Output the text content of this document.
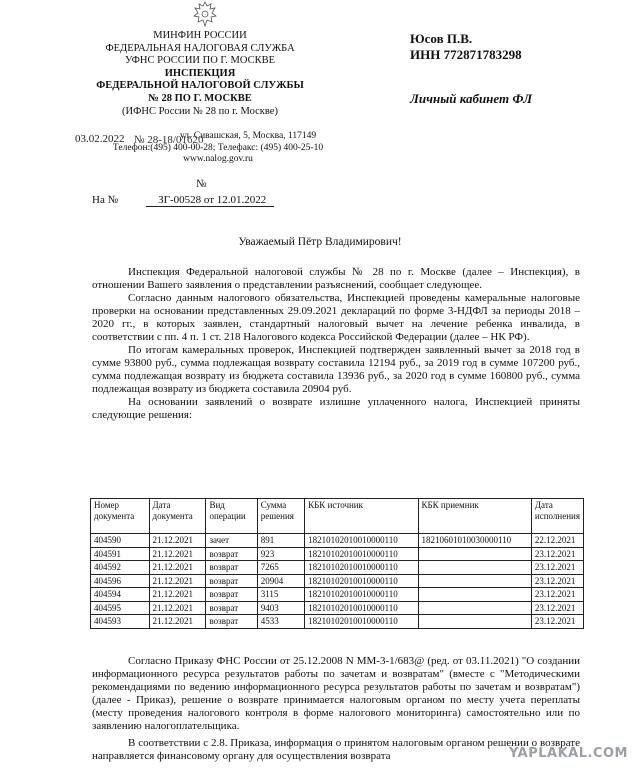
МИНФИН РОССИИ
ФЕДЕРАЛЬНАЯ НАЛОГОВАЯ СЛУЖБА
УФНС РОССИИ ПО Г. МОСКВЕ
ИНСПЕКЦИЯ
ФЕДЕРАЛЬНОЙ НАЛОГОВОЙ СЛУЖБЫ
№ 28 ПО Г. МОСКВЕ
(ИФНС России № 28 по г. Москве)
Юсов П.В.
ИНН 772871783298
Личный кабинет ФЛ
ул. Сивашская, 5, Москва, 117149
Телефон:(495) 400-00-28; Телефакс: (495) 400-25-10
www.nalog.gov.ru
03.02.2022 № 28-18/01620
№
На №	ЗГ-00528 от 12.01.2022
Уважаемый Пётр Владимирович!

Инспекция Федеральной налоговой службы № 28 по г. Москве (далее – Инспекция), в отношении Вашего заявления о представлении разъяснений, сообщает следующее.

Согласно данным налогового обязательства, Инспекцией проведены камеральные налоговые проверки на основании представленных 29.09.2021 деклараций по форме 3-НДФЛ за периоды 2018 – 2020 гг., в которых заявлен, стандартный налоговый вычет на лечение ребенка инвалида, в соответствии с пп. 4 п. 1 ст. 218 Налогового кодекса Российской Федерации (далее – НК РФ).

По итогам камеральных проверок, Инспекцией подтвержден заявленный вычет за 2018 год в сумме 93800 руб., сумма подлежащая возврату составила 12194 руб., за 2019 год в сумме 107200 руб., сумма подлежащая возврату из бюджета составила 13936 руб., за 2020 год в сумме 160800 руб., сумма подлежащая возврату из бюджета составила 20904 руб.

На основании заявлений о возврате излишне уплаченного налога, Инспекцией приняты следующие решения:

Номер документа	Дата документа	Вид операции	Сумма решения	КБК источник	КБК приемник	Дата исполнения
404590	21.12.2021	зачет	891	18210102010010000110	18210601010030000110	22.12.2021
404591	21.12.2021	возврат	923	18210102010010000110		23.12.2021
404592	21.12.2021	возврат	7265	18210102010010000110		23.12.2021
404596	21.12.2021	возврат	20904	18210102010010000110		23.12.2021
404594	21.12.2021	возврат	3115	18210102010010000110		23.12.2021
404595	21.12.2021	возврат	9403	18210102010010000110		23.12.2021
404593	21.12.2021	возврат	4533	18210102010010000110		23.12.2021

Согласно Приказу ФНС России от 25.12.2008 N ММ-3-1/683@ (ред. от 03.11.2021) "О создании информационного ресурса результатов работы по зачетам и возвратам" (вместе с "Методическими рекомендациями по ведению информационного ресурса результатов работы по зачетам и возвратам") (далее - Приказ), решение о возврате принимается налоговым органом по месту учета переплаты (месту проведения налогового контроля в форме налогового мониторинга) самостоятельно или по заявлению налогоплательщика.

В соответствии с 2.8. Приказа, информация о принятом налоговым органом решении о возврате направляется финансовому органу для осуществления возврата	YAPLAKAL.COM
